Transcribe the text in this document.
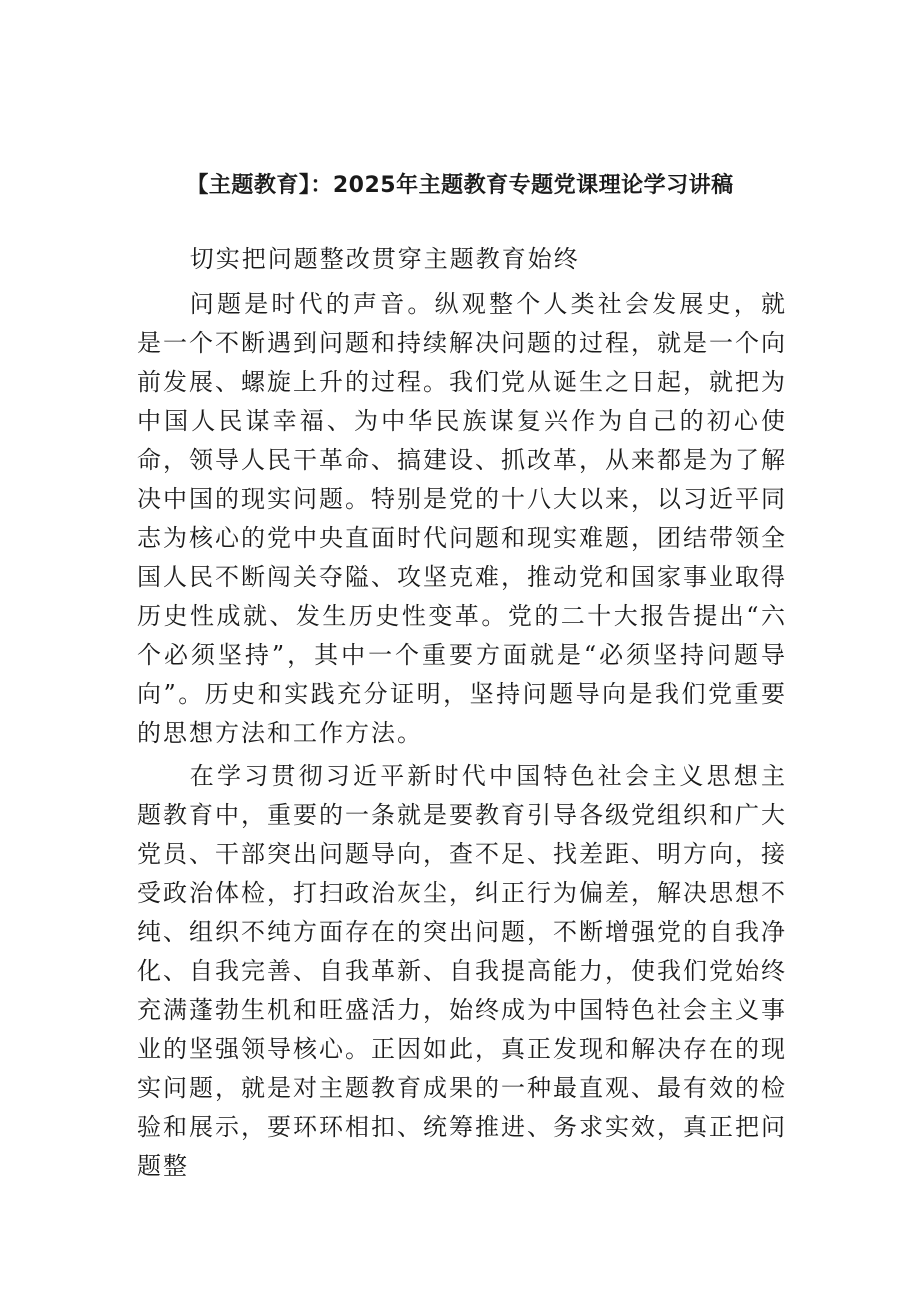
【主题教育】：2025年主题教育专题党课理论学习讲稿

切实把问题整改贯穿主题教育始终

问题是时代的声音。纵观整个人类社会发展史，就是一个不断遇到问题和持续解决问题的过程，就是一个向前发展、螺旋上升的过程。我们党从诞生之日起，就把为中国人民谋幸福、为中华民族谋复兴作为自己的初心使命，领导人民干革命、搞建设、抓改革，从来都是为了解决中国的现实问题。特别是党的十八大以来，以习近平同志为核心的党中央直面时代问题和现实难题，团结带领全国人民不断闯关夺隘、攻坚克难，推动党和国家事业取得历史性成就、发生历史性变革。党的二十大报告提出“六个必须坚持”，其中一个重要方面就是“必须坚持问题导向”。历史和实践充分证明，坚持问题导向是我们党重要的思想方法和工作方法。

在学习贯彻习近平新时代中国特色社会主义思想主题教育中，重要的一条就是要教育引导各级党组织和广大党员、干部突出问题导向，查不足、找差距、明方向，接受政治体检，打扫政治灰尘，纠正行为偏差，解决思想不纯、组织不纯方面存在的突出问题，不断增强党的自我净化、自我完善、自我革新、自我提高能力，使我们党始终充满蓬勃生机和旺盛活力，始终成为中国特色社会主义事业的坚强领导核心。正因如此，真正发现和解决存在的现实问题，就是对主题教育成果的一种最直观、最有效的检验和展示，要环环相扣、统筹推进、务求实效，真正把问题整
